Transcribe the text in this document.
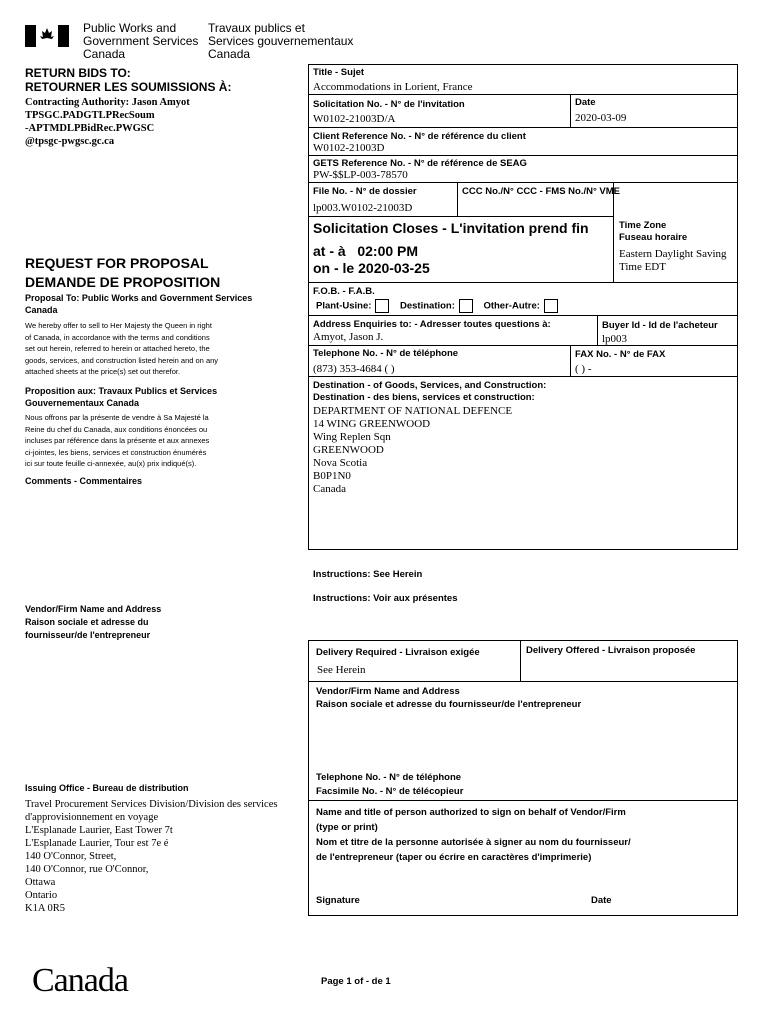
Public Works and
Government Services
Canada
Travaux publics et
Services gouvernementaux
Canada
RETURN BIDS TO:
RETOURNER LES SOUMISSIONS À:
Contracting Authority: Jason Amyot
TPSGC.PADGTLPRecSoum
-APTMDLPBidRec.PWGSC
@tpsgc-pwgsc.gc.ca
REQUEST FOR PROPOSAL
DEMANDE DE PROPOSITION
Proposal To: Public Works and Government Services Canada
We hereby offer to sell to Her Majesty the Queen in right
of Canada, in accordance with the terms and conditions
set out herein, referred to herein or attached hereto, the
goods, services, and construction listed herein and on any
attached sheets at the price(s) set out therefor.
Proposition aux: Travaux Publics et Services Gouvernementaux Canada
Nous offrons par la présente de vendre à Sa Majesté la
Reine du chef du Canada, aux conditions énoncées ou
incluses par référence dans la présente et aux annexes
ci-jointes, les biens, services et construction énumérés
ici sur toute feuille ci-annexée, au(x) prix indiqué(s).
Comments - Commentaires
Vendor/Firm Name and Address
Raison sociale et adresse du
fournisseur/de l'entrepreneur
Issuing Office - Bureau de distribution
Travel Procurement Services Division/Division des services
d'approvisionnement en voyage
L'Esplanade Laurier, East Tower 7t
L'Esplanade Laurier, Tour est 7e é
140 O'Connor, Street,
140 O'Connor, rue O'Connor,
Ottawa
Ontario
K1A 0R5
Title - Sujet
Accommodations in Lorient, France
Solicitation No. - N° de l'invitation
W0102-21003D/A
Date
2020-03-09
Client Reference No. - N° de référence du client
W0102-21003D
GETS Reference No. - N° de référence de SEAG
PW-$$LP-003-78570
File No. - N° de dossier
lp003.W0102-21003D
CCC No./N° CCC - FMS No./N° VME
Solicitation Closes - L'invitation prend fin
at - à 02:00 PM
on - le 2020-03-25
Time Zone
Fuseau horaire
Eastern Daylight Saving
Time EDT
F.O.B. - F.A.B.
Plant-Usine:	Destination:	Other-Autre:
Address Enquiries to: - Adresser toutes questions à:
Amyot, Jason J.
Buyer Id - Id de l'acheteur
lp003
Telephone No. - N° de téléphone
(873) 353-4684 ( )
FAX No. - N° de FAX
( ) -
Destination - of Goods, Services, and Construction:
Destination - des biens, services et construction:
DEPARTMENT OF NATIONAL DEFENCE
14 WING GREENWOOD
Wing Replen Sqn
GREENWOOD
Nova Scotia
B0P1N0
Canada
Instructions: See Herein
Instructions: Voir aux présentes
Delivery Required - Livraison exigée
See Herein
Delivery Offered - Livraison proposée
Vendor/Firm Name and Address
Raison sociale et adresse du fournisseur/de l'entrepreneur
Telephone No. - N° de téléphone
Facsimile No. - N° de télécopieur
Name and title of person authorized to sign on behalf of Vendor/Firm
(type or print)
Nom et titre de la personne autorisée à signer au nom du fournisseur/
de l'entrepreneur (taper ou écrire en caractères d'imprimerie)
Signature	Date
Canada	Page 1 of - de 1
